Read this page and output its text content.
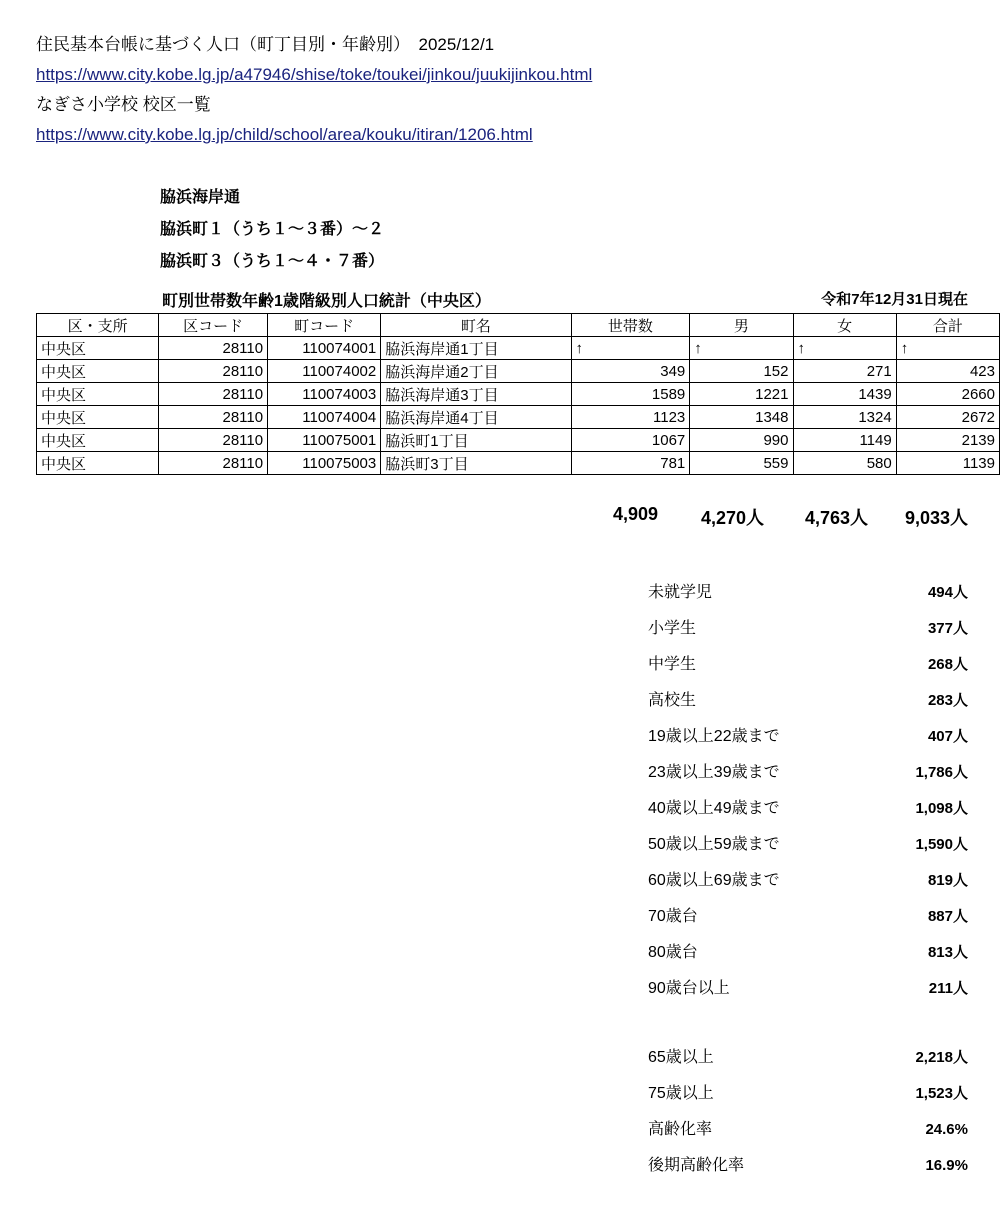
住民基本台帳に基づく人口（町丁目別・年齢別）　2025/12/1
https://www.city.kobe.lg.jp/a47946/shise/toke/toukei/jinkou/juukijinkou.html
なぎさ小学校 校区一覧
https://www.city.kobe.lg.jp/child/school/area/kouku/itiran/1206.html
脇浜海岸通
脇浜町１（うち１～３番）～２
脇浜町３（うち１～４・７番）
町別世帯数年齢1歳階級別人口統計（中央区）	令和7年12月31日現在
区・支所	区コード	町コード	町名	世帯数	男	女	合計
中央区	28110	110074001	脇浜海岸通1丁目	↑	↑	↑	↑
中央区	28110	110074002	脇浜海岸通2丁目	349	152	271	423
中央区	28110	110074003	脇浜海岸通3丁目	1589	1221	1439	2660
中央区	28110	110074004	脇浜海岸通4丁目	1123	1348	1324	2672
中央区	28110	110075001	脇浜町1丁目	1067	990	1149	2139
中央区	28110	110075003	脇浜町3丁目	781	559	580	1139
4,909	4,270人	4,763人	9,033人
未就学児	494人
小学生	377人
中学生	268人
高校生	283人
19歳以上22歳まで	407人
23歳以上39歳まで	1,786人
40歳以上49歳まで	1,098人
50歳以上59歳まで	1,590人
60歳以上69歳まで	819人
70歳台	887人
80歳台	813人
90歳台以上	211人
65歳以上	2,218人
75歳以上	1,523人
高齢化率	24.6%
後期高齢化率	16.9%
